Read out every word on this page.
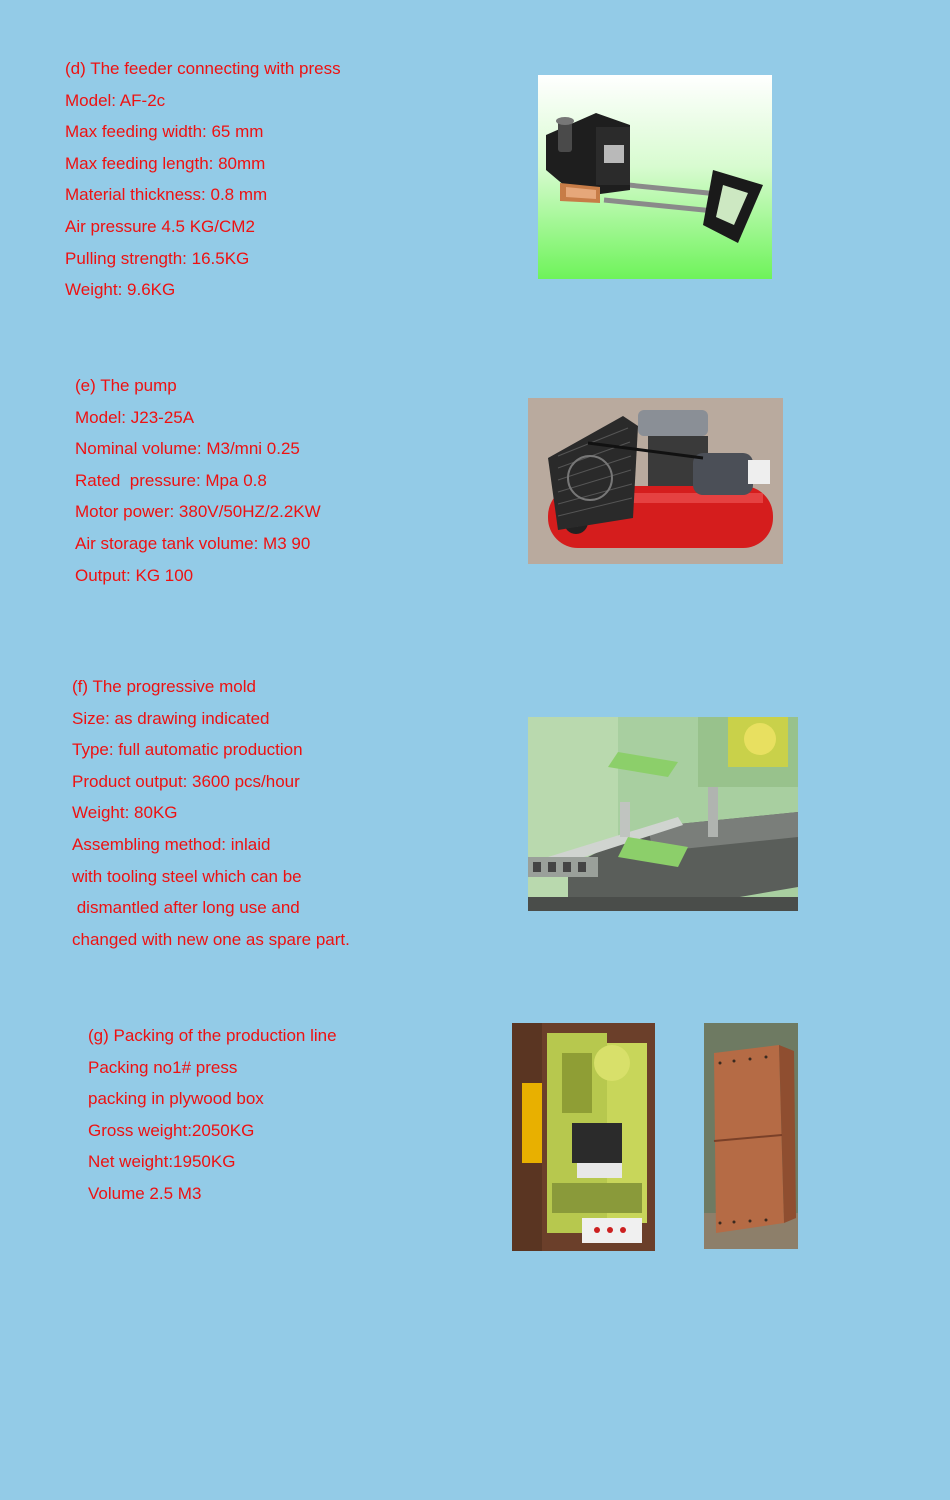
(d) The feeder connecting with press
Model: AF-2c
Max feeding width: 65 mm
Max feeding length: 80mm
Material thickness: 0.8 mm
Air pressure 4.5 KG/CM2
Pulling strength: 16.5KG
Weight: 9.6KG
(e) The pump
Model: J23-25A
Nominal volume: M3/mni 0.25
Rated  pressure: Mpa 0.8
Motor power: 380V/50HZ/2.2KW
Air storage tank volume: M3 90
Output: KG 100
(f) The progressive mold
Size: as drawing indicated
Type: full automatic production
Product output: 3600 pcs/hour
Weight: 80KG
Assembling method: inlaid
with tooling steel which can be
dismantled after long use and
changed with new one as spare part.
(g) Packing of the production line
Packing no1# press
packing in plywood box
Gross weight:2050KG
Net weight:1950KG
Volume 2.5 M3
